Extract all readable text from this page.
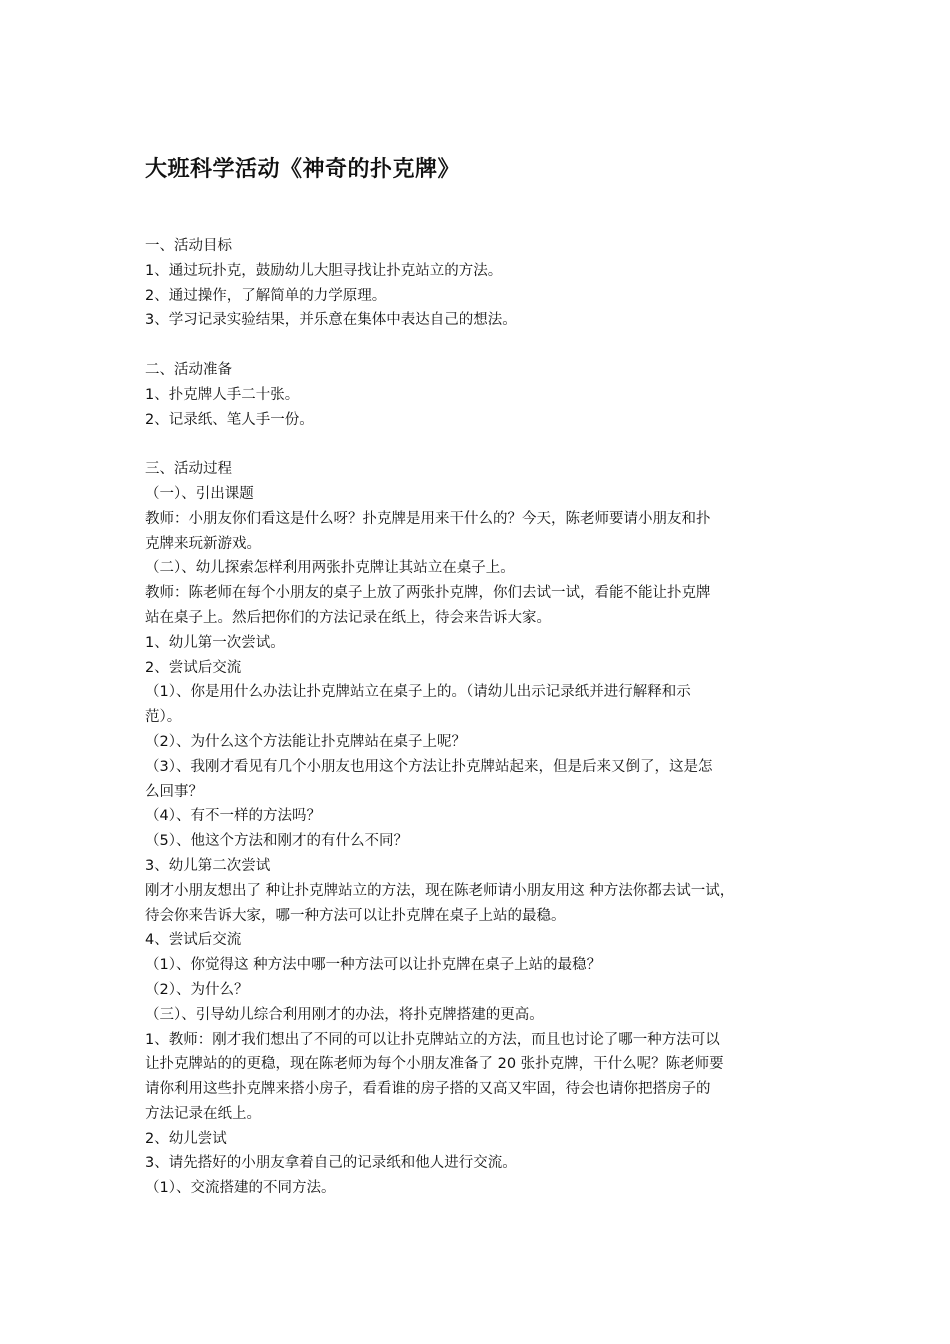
大班科学活动《神奇的扑克牌》
一、活动目标
1、通过玩扑克，鼓励幼儿大胆寻找让扑克站立的方法。
2、通过操作，了解简单的力学原理。
3、学习记录实验结果，并乐意在集体中表达自己的想法。
二、活动准备
1、扑克牌人手二十张。
2、记录纸、笔人手一份。
三、活动过程
（一）、引出课题
教师：小朋友你们看这是什么呀？扑克牌是用来干什么的？今天，陈老师要请小朋友和扑
克牌来玩新游戏。
（二）、幼儿探索怎样利用两张扑克牌让其站立在桌子上。
教师：陈老师在每个小朋友的桌子上放了两张扑克牌，你们去试一试，看能不能让扑克牌
站在桌子上。然后把你们的方法记录在纸上，待会来告诉大家。
1、幼儿第一次尝试。
2、尝试后交流
（1）、你是用什么办法让扑克牌站立在桌子上的。（请幼儿出示记录纸并进行解释和示
范）。
（2）、为什么这个方法能让扑克牌站在桌子上呢？
（3）、我刚才看见有几个小朋友也用这个方法让扑克牌站起来，但是后来又倒了，这是怎
么回事？
（4）、有不一样的方法吗？
（5）、他这个方法和刚才的有什么不同？
3、幼儿第二次尝试
刚才小朋友想出了 种让扑克牌站立的方法，现在陈老师请小朋友用这 种方法你都去试一试，
待会你来告诉大家，哪一种方法可以让扑克牌在桌子上站的最稳。
4、尝试后交流
（1）、你觉得这 种方法中哪一种方法可以让扑克牌在桌子上站的最稳？
（2）、为什么？
（三）、引导幼儿综合利用刚才的办法，将扑克牌搭建的更高。
1、教师：刚才我们想出了不同的可以让扑克牌站立的方法，而且也讨论了哪一种方法可以
让扑克牌站的的更稳，现在陈老师为每个小朋友准备了 20 张扑克牌，干什么呢？陈老师要
请你利用这些扑克牌来搭小房子，看看谁的房子搭的又高又牢固，待会也请你把搭房子的
方法记录在纸上。
2、幼儿尝试
3、请先搭好的小朋友拿着自己的记录纸和他人进行交流。
（1）、交流搭建的不同方法。
